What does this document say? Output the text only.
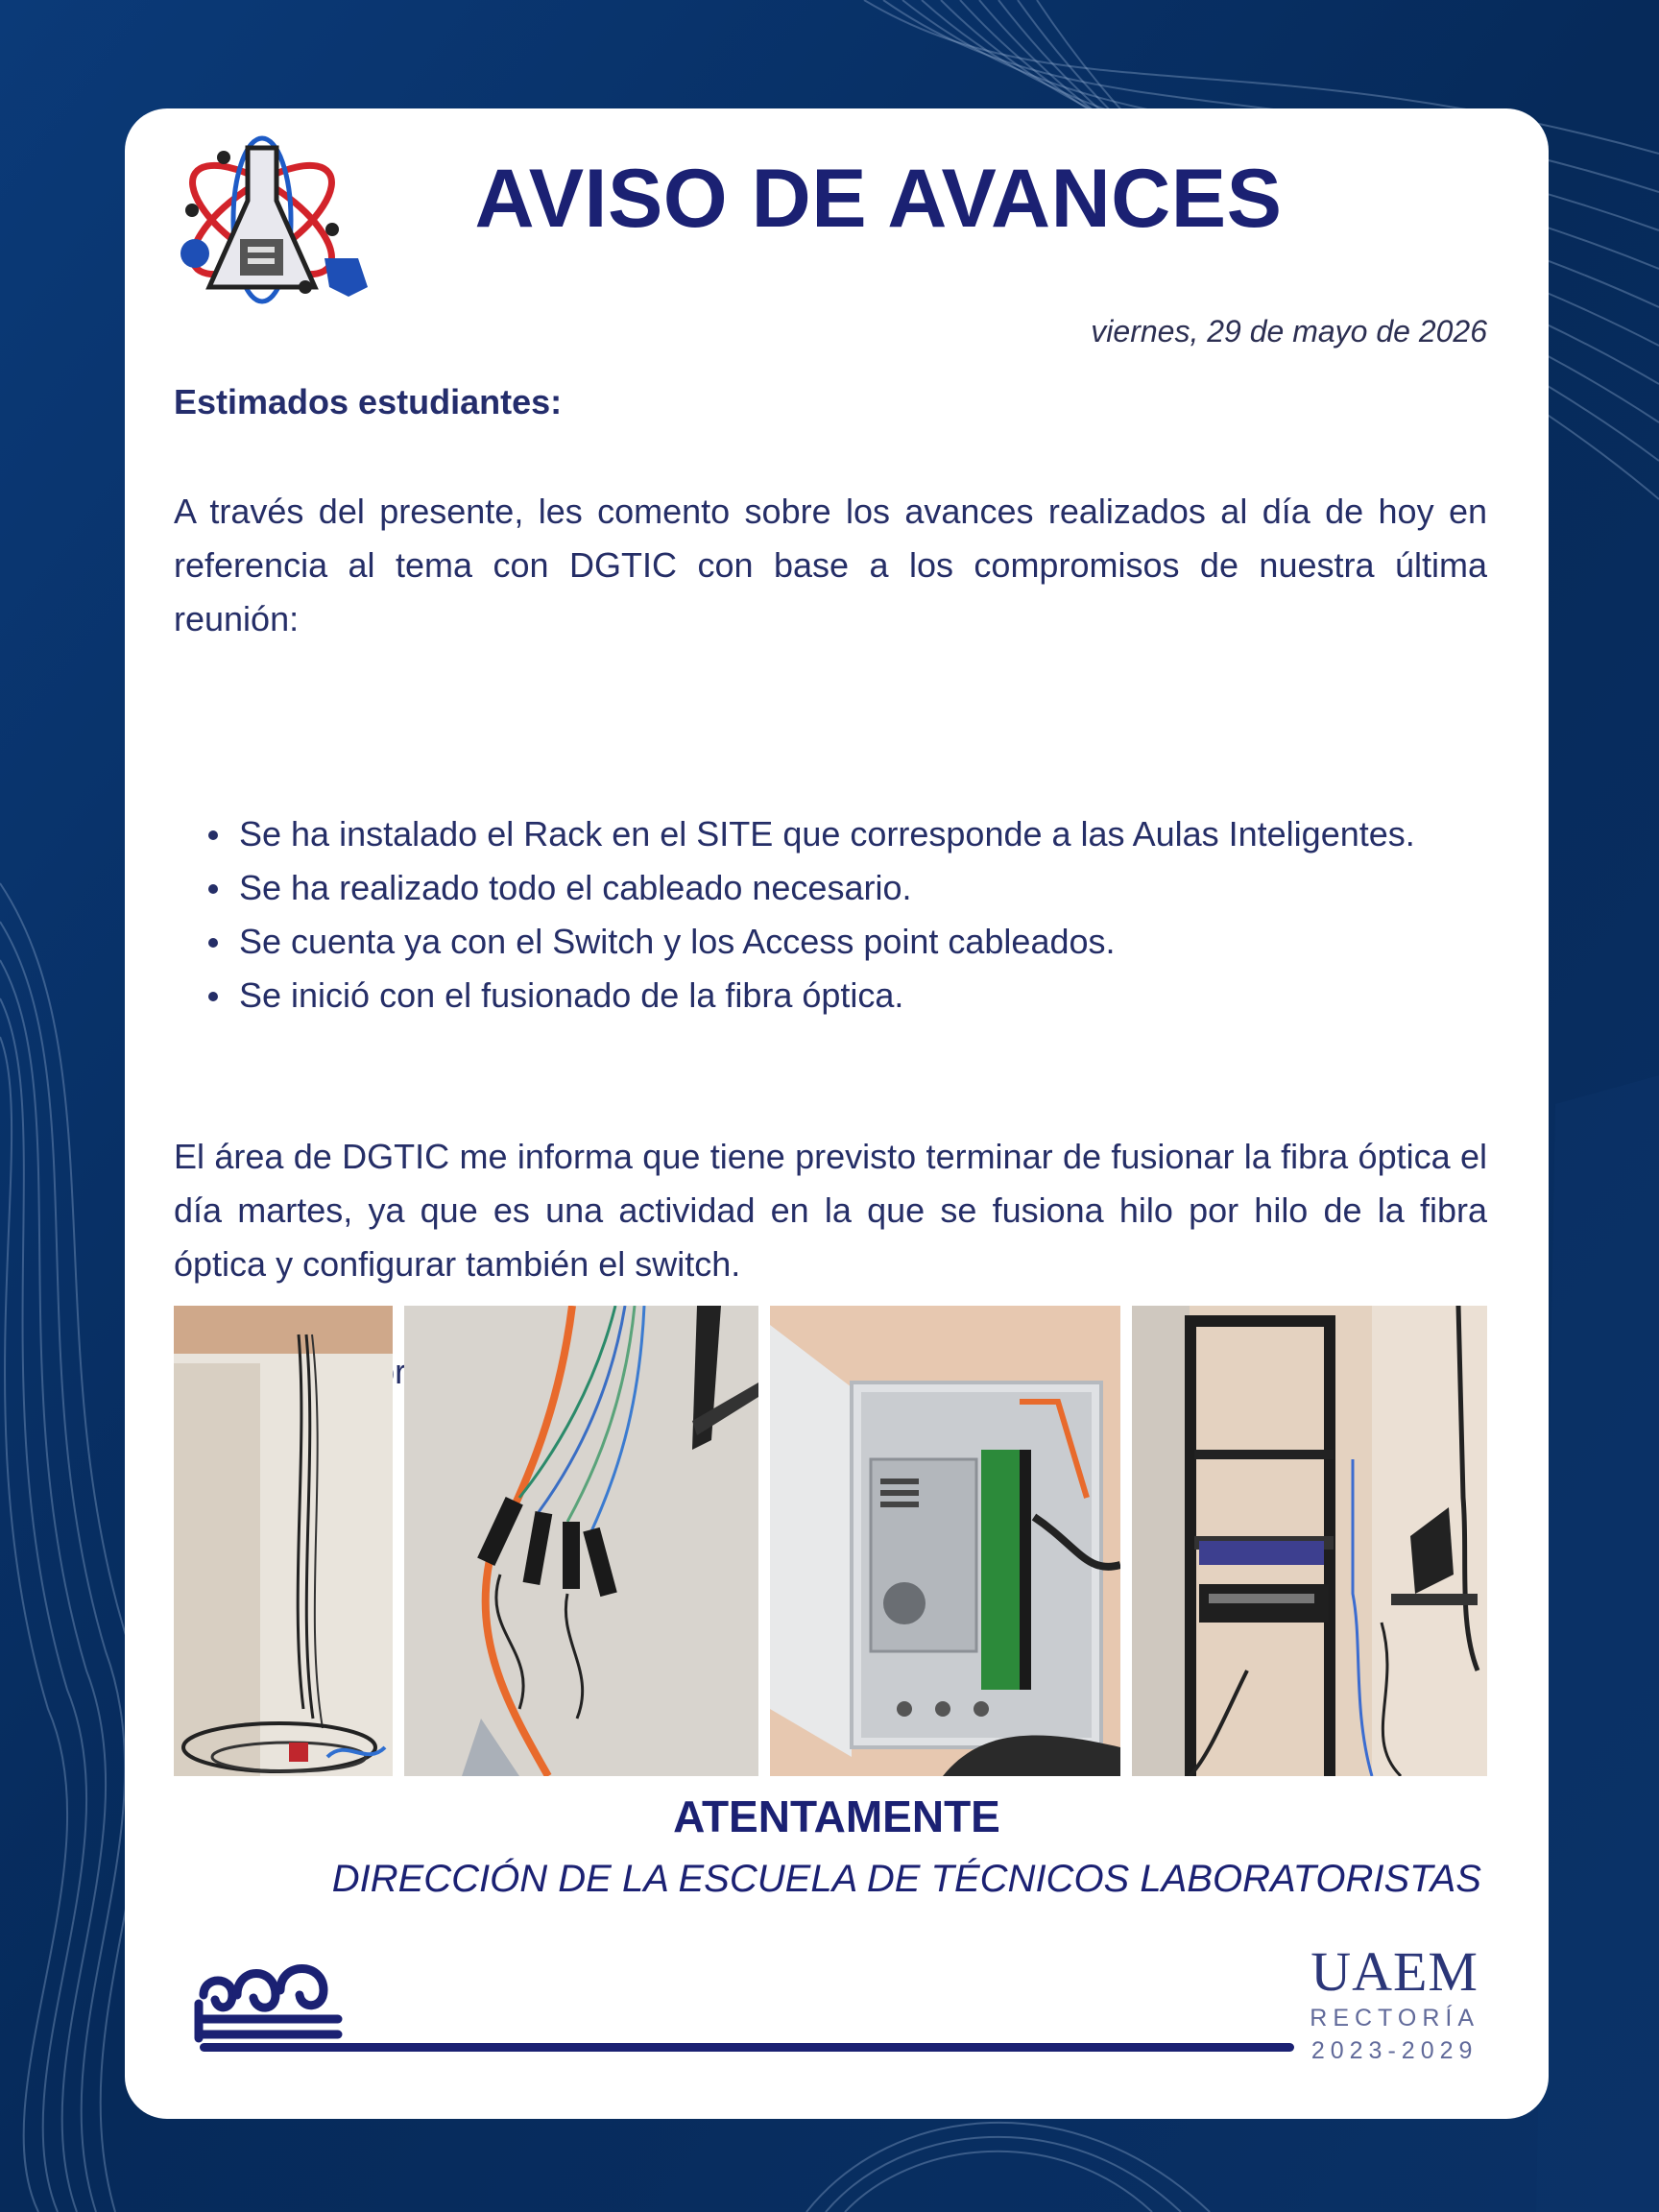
AVISO DE AVANCES
viernes, 29 de mayo de 2026
Estimados estudiantes:

A través del presente, les comento sobre los avances realizados al día de hoy en referencia al tema con DGTIC con base a los compromisos de nuestra última reunión:

Se ha instalado el Rack en el SITE que corresponde a las Aulas Inteligentes.
Se ha realizado todo el cableado necesario.
Se cuenta ya con el Switch y los Access point cableados.
Se inició con el fusionado de la fibra óptica.

El área de DGTIC me informa que tiene previsto terminar de fusionar la fibra óptica el día martes, ya que es una actividad en la que se fusiona hilo por hilo de la fibra óptica y configurar también el switch.

ATENTAMENTE
DIRECCIÓN DE LA ESCUELA DE TÉCNICOS LABORATORISTAS
UAEM
RECTORÍA
2023-2029
